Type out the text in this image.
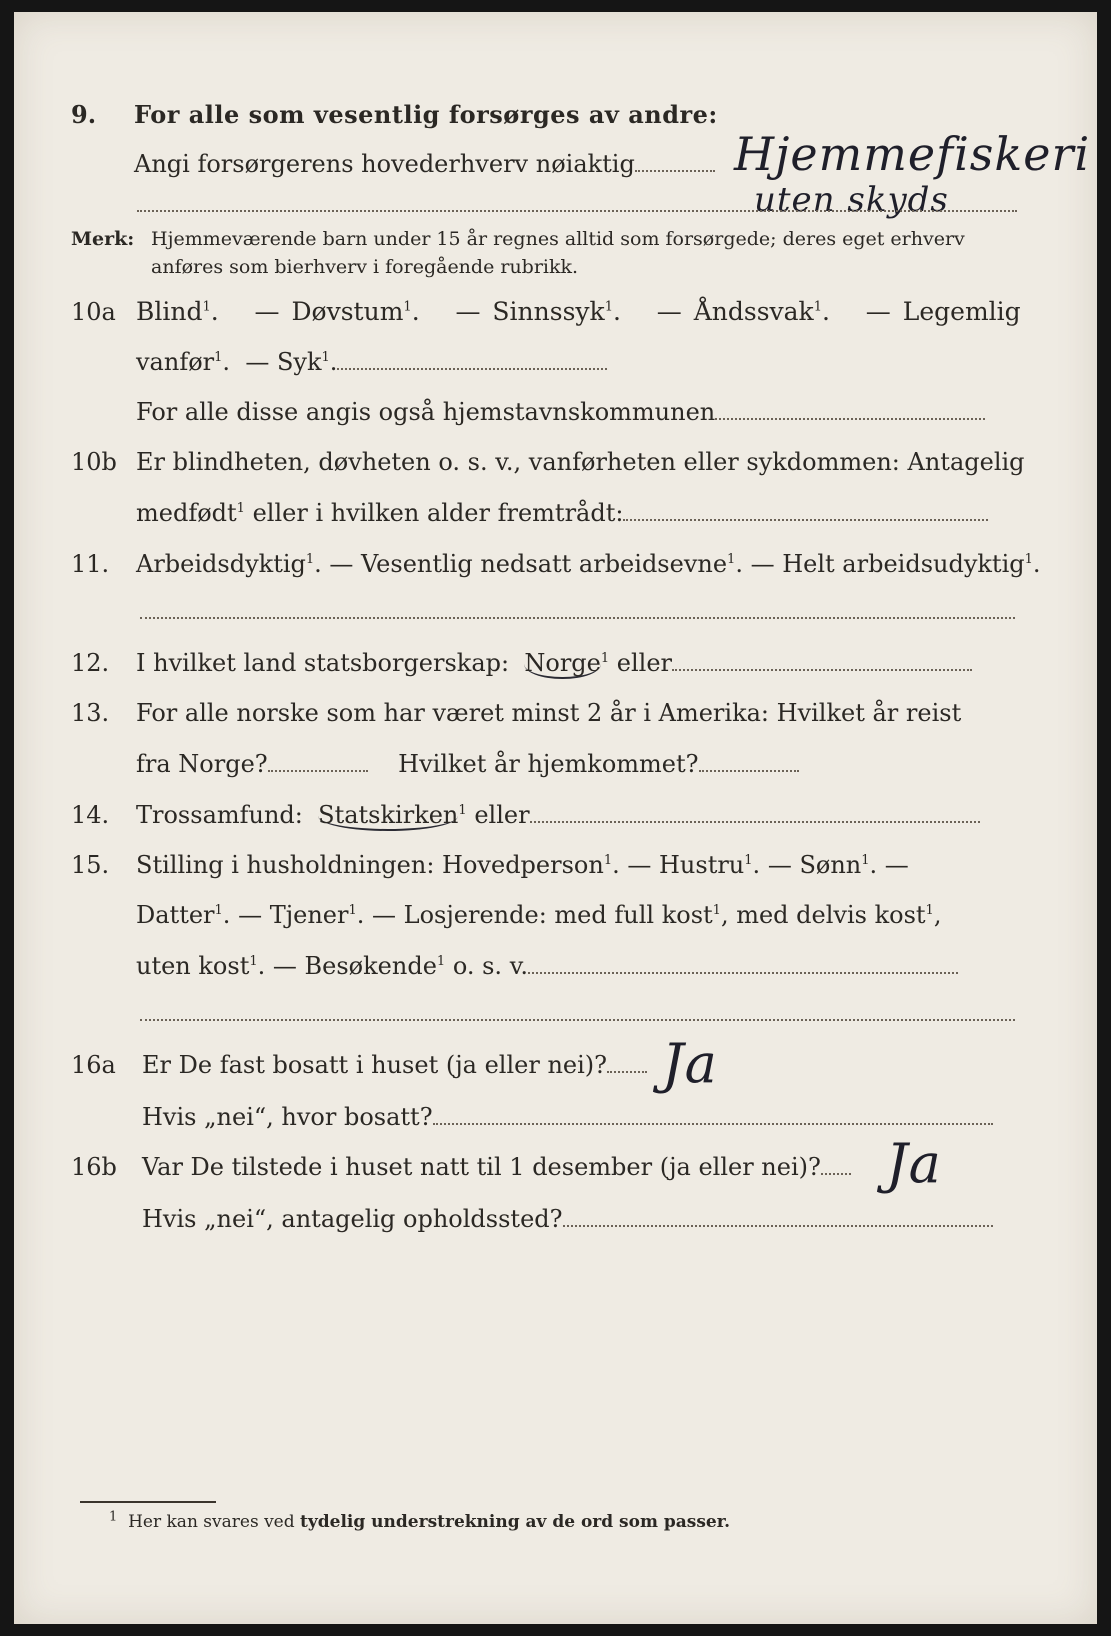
9.	For alle som vesentlig forsørges av andre:
Angi forsørgerens hovederhverv nøiaktig	Hjemmefiskeri
uten skyds
Merk: Hjemmeværende barn under 15 år regnes alltid som forsørgede; deres eget erhverv
anføres som bierhverv i foregående rubrikk.
10a Blind$^1$.   — Døvstum$^1$.   — Sinnssyk$^1$.   — Åndssvak$^1$.   — Legemlig
vanfør$^1$.  — Syk$^1$.
For alle disse angis også hjemstavnskommunen
10b Er blindheten, døvheten o. s. v., vanførheten eller sykdommen: Antagelig
medfødt$^1$ eller i hvilken alder fremtrådt:
11.	Arbeidsdyktig$^1$. — Vesentlig nedsatt arbeidsevne$^1$. — Helt arbeidsudyktig$^1$.
12.	I hvilket land statsborgerskap: Norge$^1$ eller
13.	For alle norske som har været minst 2 år i Amerika: Hvilket år reist
fra Norge?	Hvilket år hjemkommet?
14.	Trossamfund: Statskirken$^1$ eller
15.	Stilling i husholdningen: Hovedperson$^1$. — Hustru$^1$. — Sønn$^1$. —
Datter$^1$. — Tjener$^1$. — Losjerende: med full kost$^1$, med delvis kost$^1$,
uten kost$^1$. — Besøkende$^1$ o. s. v.
16a	Er De fast bosatt i huset (ja eller nei)?	Ja
Hvis „nei“, hvor bosatt?
16b	Var De tilstede i huset natt til 1 desember (ja eller nei)?	Ja
Hvis „nei“, antagelig opholdssted?
$^1$ Her kan svares ved tydelig understrekning av de ord som passer.
